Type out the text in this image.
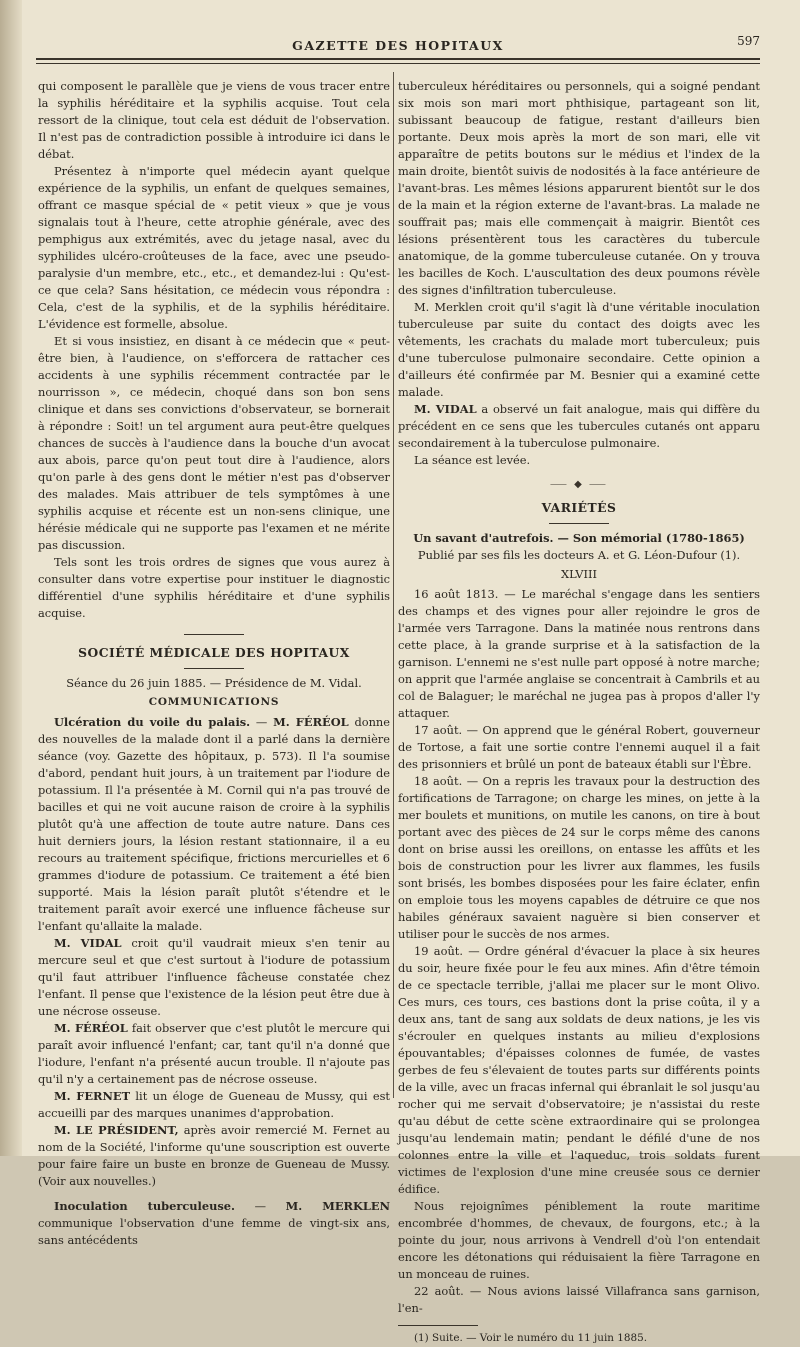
GAZETTE DES HOPITAUX	597

qui composent le parallèle que je viens de vous tracer entre la syphilis héréditaire et la syphilis acquise. Tout cela ressort de la clinique, tout cela est déduit de l'observation. Il n'est pas de contradiction possible à introduire ici dans le débat.

Présentez à n'importe quel médecin ayant quelque expérience de la syphilis, un enfant de quelques semaines, offrant ce masque spécial de « petit vieux » que je vous signalais tout à l'heure, cette atrophie générale, avec des pemphigus aux extrémités, avec du jetage nasal, avec du syphilides ulcéro-croûteuses de la face, avec une pseudo-paralysie d'un membre, etc., etc., et demandez-lui : Qu'est-ce que cela? Sans hésitation, ce médecin vous répondra : Cela, c'est de la syphilis, et de la syphilis héréditaire. L'évidence est formelle, absolue.

Et si vous insistiez, en disant à ce médecin que « peut-être bien, à l'audience, on s'efforcera de rattacher ces accidents à une syphilis récemment contractée par le nourrisson », ce médecin, choqué dans son bon sens clinique et dans ses convictions d'observateur, se bornerait à répondre : Soit! un tel argument aura peut-être quelques chances de succès à l'audience dans la bouche d'un avocat aux abois, parce qu'on peut tout dire à l'audience, alors qu'on parle à des gens dont le métier n'est pas d'observer des malades. Mais attribuer de tels symptômes à une syphilis acquise et récente est un non-sens clinique, une hérésie médicale qui ne supporte pas l'examen et ne mérite pas discussion.

Tels sont les trois ordres de signes que vous aurez à consulter dans votre expertise pour instituer le diagnostic différentiel d'une syphilis héréditaire et d'une syphilis acquise.

SOCIÉTÉ MÉDICALE DES HOPITAUX

Séance du 26 juin 1885. — Présidence de M. Vidal.

COMMUNICATIONS

Ulcération du voile du palais. — M. FÉRÉOL donne des nouvelles de la malade dont il a parlé dans la dernière séance (voy. Gazette des hôpitaux, p. 573). Il l'a soumise d'abord, pendant huit jours, à un traitement par l'iodure de potassium. Il l'a présentée à M. Cornil qui n'a pas trouvé de bacilles et qui ne voit aucune raison de croire à la syphilis plutôt qu'à une affection de toute autre nature. Dans ces huit derniers jours, la lésion restant stationnaire, il a eu recours au traitement spécifique, frictions mercurielles et 6 grammes d'iodure de potassium. Ce traitement a été bien supporté. Mais la lésion paraît plutôt s'étendre et le traitement paraît avoir exercé une influence fâcheuse sur l'enfant qu'allaite la malade.

M. VIDAL croit qu'il vaudrait mieux s'en tenir au mercure seul et que c'est surtout à l'iodure de potassium qu'il faut attribuer l'influence fâcheuse constatée chez l'enfant. Il pense que l'existence de la lésion peut être due à une nécrose osseuse.

M. FÉRÉOL fait observer que c'est plutôt le mercure qui paraît avoir influencé l'enfant; car, tant qu'il n'a donné que l'iodure, l'enfant n'a présenté aucun trouble. Il n'ajoute pas qu'il n'y a certainement pas de nécrose osseuse.

M. FERNET lit un éloge de Gueneau de Mussy, qui est accueilli par des marques unanimes d'approbation.

M. LE PRÉSIDENT, après avoir remercié M. Fernet au nom de la Société, l'informe qu'une souscription est ouverte pour faire faire un buste en bronze de Gueneau de Mussy. (Voir aux nouvelles.)

Inoculation tuberculeuse. — M. MERKLEN communique l'observation d'une femme de vingt-six ans, sans antécédents

tuberculeux héréditaires ou personnels, qui a soigné pendant six mois son mari mort phthisique, partageant son lit, subissant beaucoup de fatigue, restant d'ailleurs bien portante. Deux mois après la mort de son mari, elle vit apparaître de petits boutons sur le médius et l'index de la main droite, bientôt suivis de nodosités à la face antérieure de l'avant-bras. Les mêmes lésions apparurent bientôt sur le dos de la main et la région externe de l'avant-bras. La malade ne souffrait pas; mais elle commençait à maigrir. Bientôt ces lésions présentèrent tous les caractères du tubercule anatomique, de la gomme tuberculeuse cutanée. On y trouva les bacilles de Koch. L'auscultation des deux poumons révèle des signes d'infiltration tuberculeuse.

M. Merklen croit qu'il s'agit là d'une véritable inoculation tuberculeuse par suite du contact des doigts avec les vêtements, les crachats du malade mort tuberculeux; puis d'une tuberculose pulmonaire secondaire. Cette opinion a d'ailleurs été confirmée par M. Besnier qui a examiné cette malade.

M. VIDAL a observé un fait analogue, mais qui diffère du précédent en ce sens que les tubercules cutanés ont apparu secondairement à la tuberculose pulmonaire.

La séance est levée.

⸺ ◆ ⸺
VARIÉTÉS

Un savant d'autrefois. — Son mémorial (1780-1865)

Publié par ses fils les docteurs A. et G. Léon-Dufour (1).

XLVIII

16 août 1813. — Le maréchal s'engage dans les sentiers des champs et des vignes pour aller rejoindre le gros de l'armée vers Tarragone. Dans la matinée nous rentrons dans cette place, à la grande surprise et à la satisfaction de la garnison. L'ennemi ne s'est nulle part opposé à notre marche; on apprit que l'armée anglaise se concentrait à Cambrils et au col de Balaguer; le maréchal ne jugea pas à propos d'aller l'y attaquer.

17 août. — On apprend que le général Robert, gouverneur de Tortose, a fait une sortie contre l'ennemi auquel il a fait des prisonniers et brûlé un pont de bateaux établi sur l'Èbre.

18 août. — On a repris les travaux pour la destruction des fortifications de Tarragone; on charge les mines, on jette à la mer boulets et munitions, on mutile les canons, on tire à bout portant avec des pièces de 24 sur le corps même des canons dont on brise aussi les oreillons, on entasse les affûts et les bois de construction pour les livrer aux flammes, les fusils sont brisés, les bombes disposées pour les faire éclater, enfin on emploie tous les moyens capables de détruire ce que nos habiles généraux savaient naguère si bien conserver et utiliser pour le succès de nos armes.

19 août. — Ordre général d'évacuer la place à six heures du soir, heure fixée pour le feu aux mines. Afin d'être témoin de ce spectacle terrible, j'allai me placer sur le mont Olivo. Ces murs, ces tours, ces bastions dont la prise coûta, il y a deux ans, tant de sang aux soldats de deux nations, je les vis s'écrouler en quelques instants au milieu d'explosions épouvantables; d'épaisses colonnes de fumée, de vastes gerbes de feu s'élevaient de toutes parts sur différents points de la ville, avec un fracas infernal qui ébranlait le sol jusqu'au rocher qui me servait d'observatoire; je n'assistai du reste qu'au début de cette scène extraordinaire qui se prolongea jusqu'au lendemain matin; pendant le défilé d'une de nos colonnes entre la ville et l'aqueduc, trois soldats furent victimes de l'explosion d'une mine creusée sous ce dernier édifice.

Nous rejoignîmes péniblement la route maritime encombrée d'hommes, de chevaux, de fourgons, etc.; à la pointe du jour, nous arrivons à Vendrell d'où l'on entendait encore les détonations qui réduisaient la fière Tarragone en un monceau de ruines.

22 août. — Nous avions laissé Villafranca sans garnison, l'en-

(1) Suite. — Voir le numéro du 11 juin 1885.
